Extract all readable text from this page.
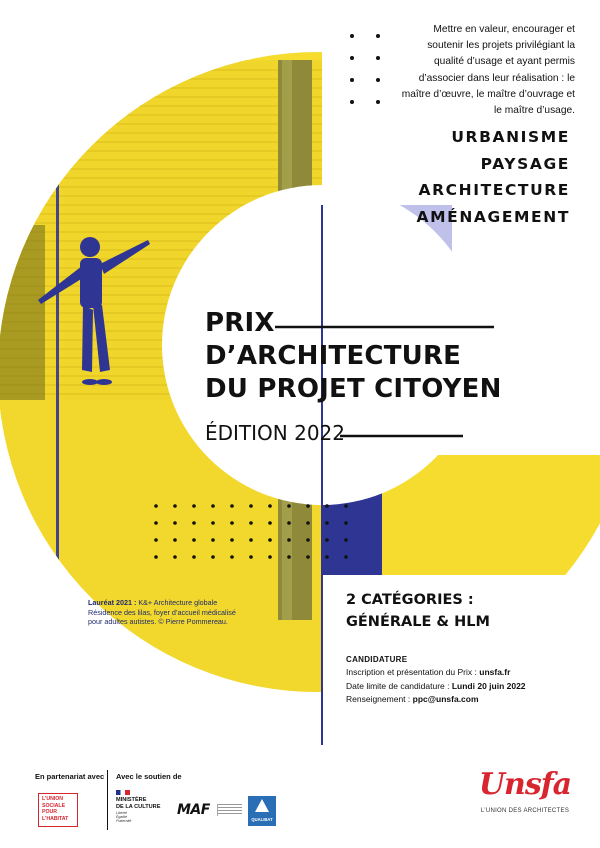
Mettre en valeur, encourager et soutenir les projets privilégiant la qualité d’usage et ayant permis d’associer dans leur réalisation : le maître d’œuvre, le maître d’ouvrage et le maître d’usage.
URBANISME
PAYSAGE
ARCHITECTURE
AMÉNAGEMENT
PRIX
D’ARCHITECTURE
DU PROJET CITOYEN
ÉDITION 2022
Lauréat 2021 : K&+ Architecture globale
Résidence des lilas, foyer d’accueil médicalisé
pour adultes autistes. © Pierre Pommereau.
2 CATÉGORIES :
GÉNÉRALE & HLM
CANDIDATURE
Inscription et présentation du Prix : unsfa.fr
Date limite de candidature : Lundi 20 juin 2022
Renseignement : ppc@unsfa.com
En partenariat avec Avec le soutien de
L’UNION
SOCIALE
POUR
L’HABITAT
MINISTÈRE
DE LA CULTURE
Liberté
Égalité
Fraternité
MAF
QUALIBAT
Unsfa
L’UNION DES ARCHITECTES
